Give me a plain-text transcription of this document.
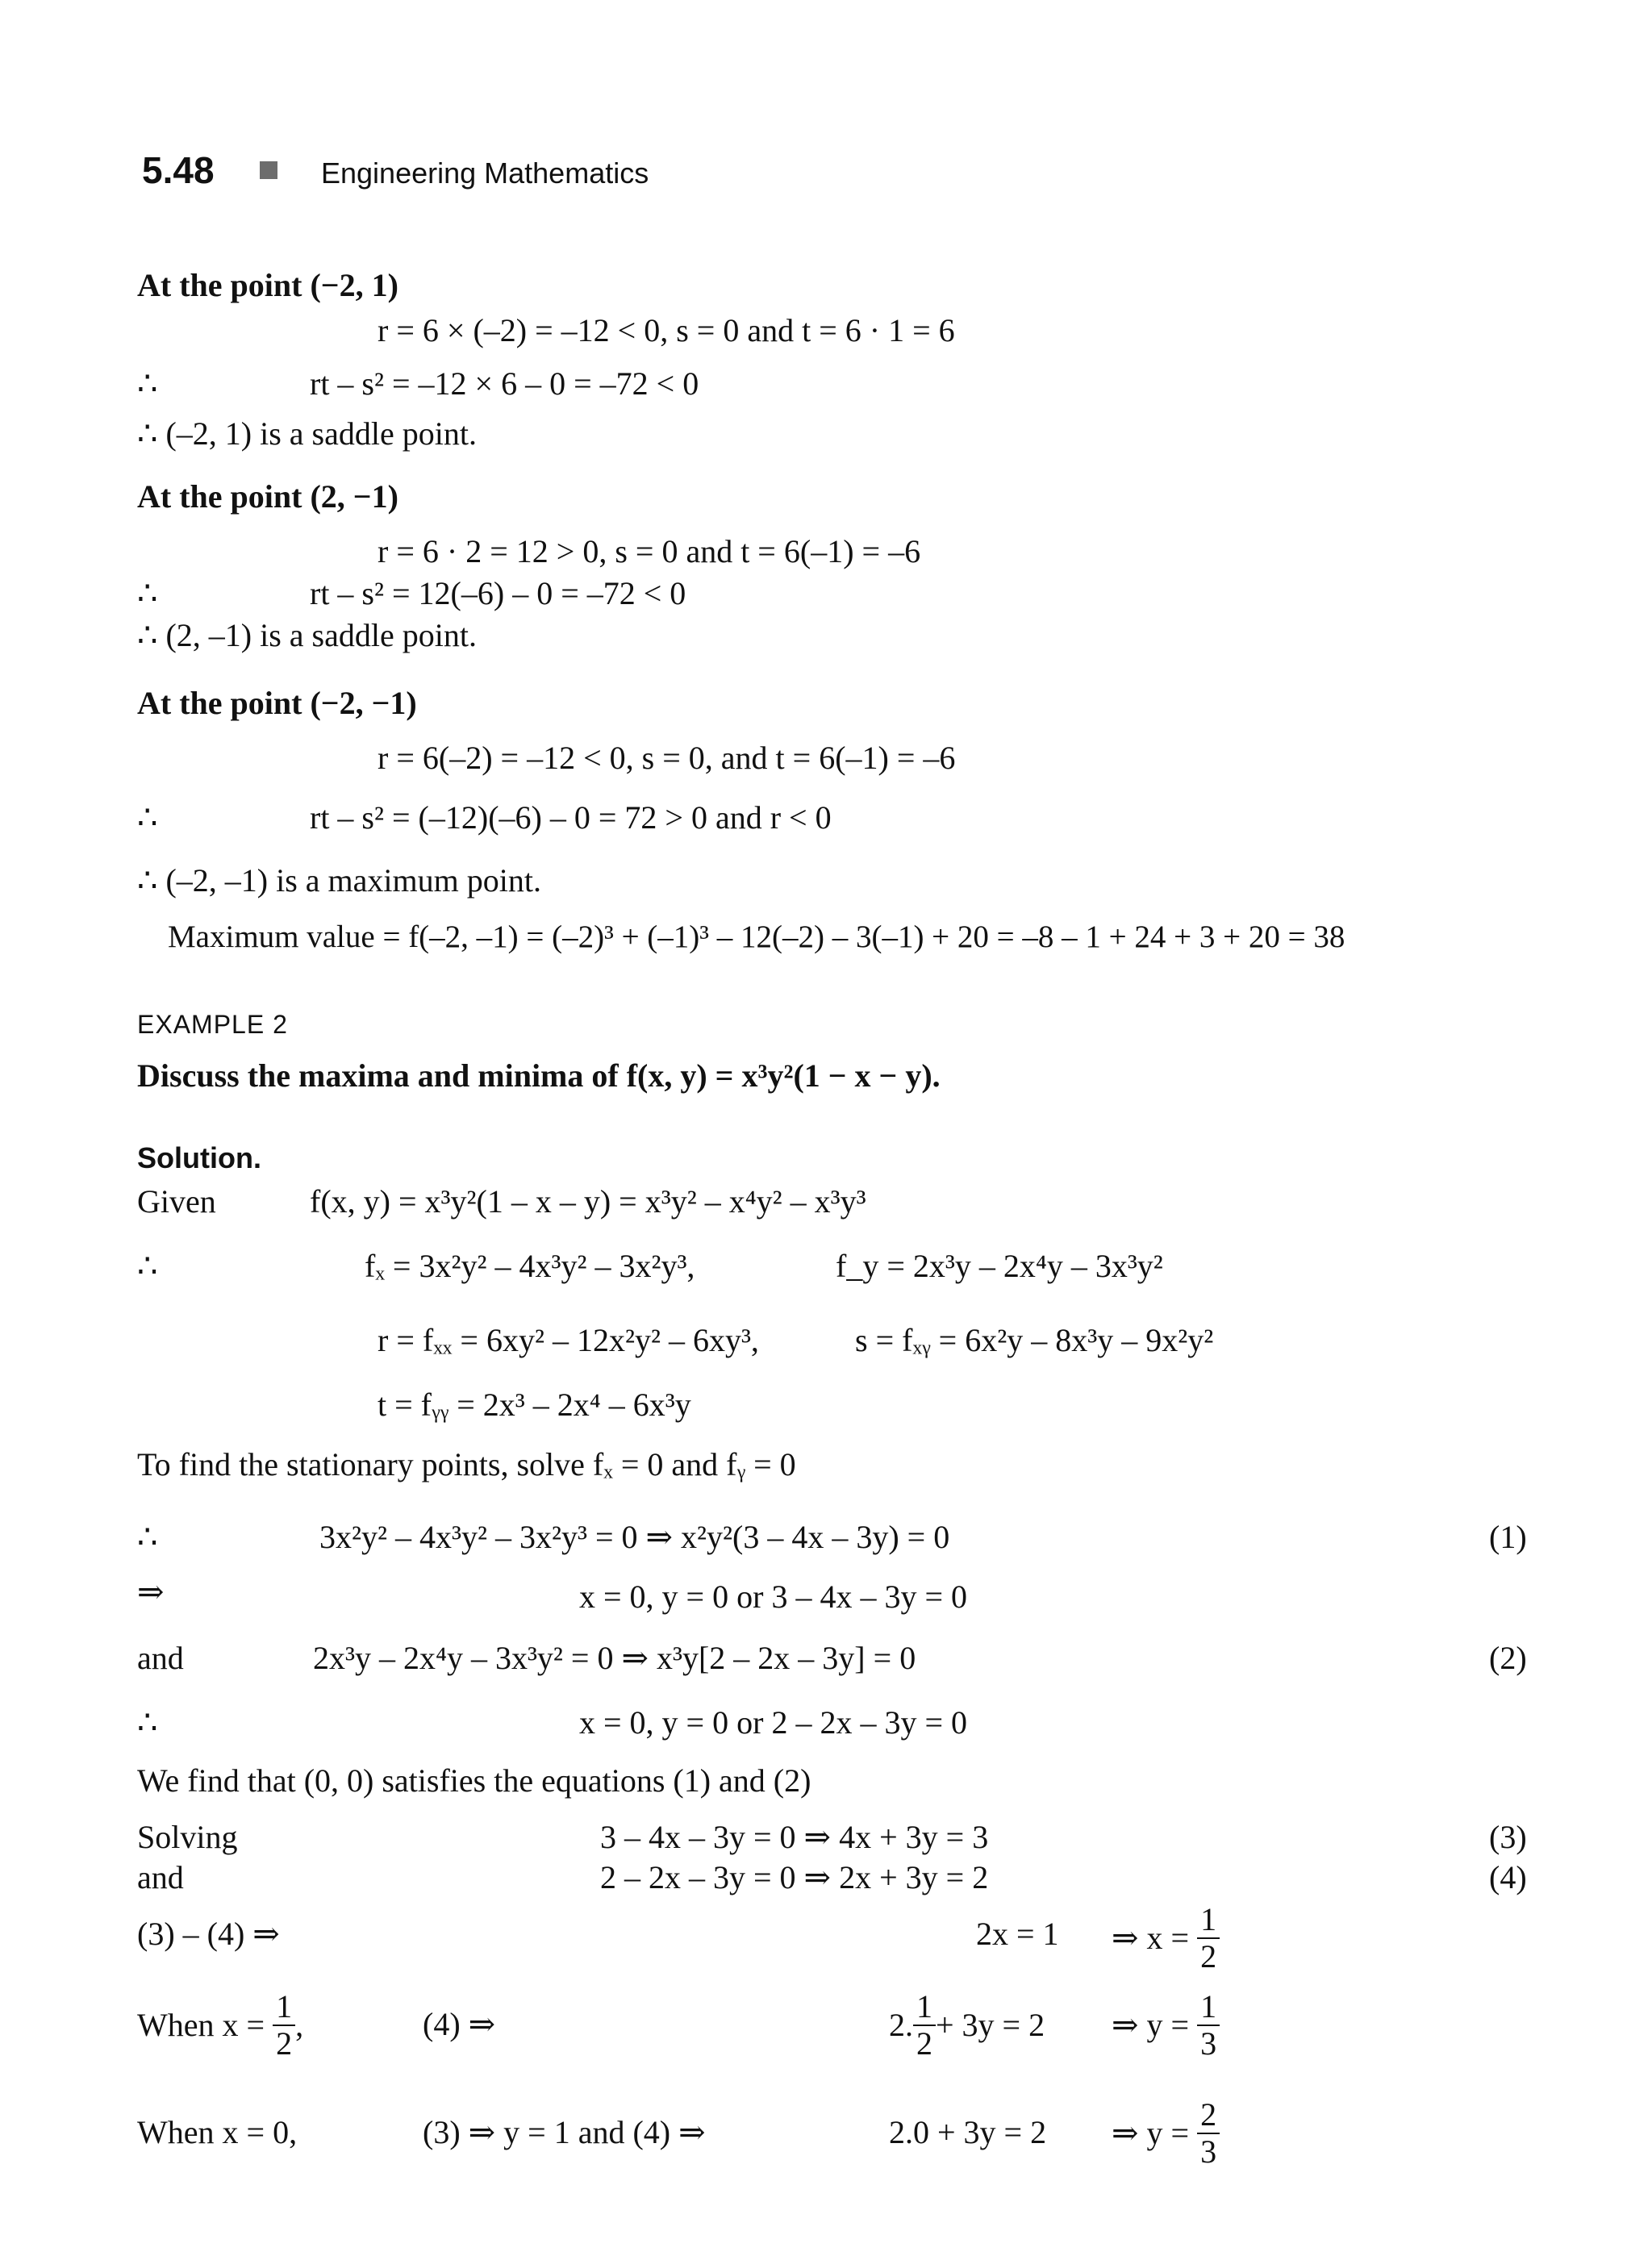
5.48	Engineering Mathematics
At the point (−2, 1)
r = 6 × (–2) = –12 < 0, s = 0 and t = 6 · 1 = 6
∴	rt – s² = –12 × 6 – 0 = –72 < 0
∴ (–2, 1) is a saddle point.
At the point (2, −1)
r = 6 · 2 = 12 > 0, s = 0 and t = 6(–1) = –6
∴	rt – s² = 12(–6) – 0 = –72 < 0
∴ (2, –1) is a saddle point.
At the point (−2, −1)
r = 6(–2) = –12 < 0, s = 0, and t = 6(–1) = –6
∴	rt – s² = (–12)(–6) – 0 = 72 > 0 and r < 0
∴ (–2, –1) is a maximum point.
Maximum value = f(–2, –1) = (–2)³ + (–1)³ – 12(–2) – 3(–1) + 20 = –8 – 1 + 24 + 3 + 20 = 38
EXAMPLE 2
Discuss the maxima and minima of f(x, y) = x³y²(1 − x − y).
Solution.
Given	f(x, y) = x³y²(1 – x – y) = x³y² – x⁴y² – x³y³
∴	fₓ = 3x²y² – 4x³y² – 3x²y³,	f_y = 2x³y – 2x⁴y – 3x³y²
r = fₓₓ = 6xy² – 12x²y² – 6xy³,	s = fₓᵧ = 6x²y – 8x³y – 9x²y²
t = fᵧᵧ = 2x³ – 2x⁴ – 6x³y
To find the stationary points, solve fₓ = 0 and fᵧ = 0
∴	3x²y² – 4x³y² – 3x²y³ = 0 ⇒ x²y²(3 – 4x – 3y) = 0	(1)
⇒	x = 0, y = 0 or 3 – 4x – 3y = 0
and	2x³y – 2x⁴y – 3x³y² = 0 ⇒ x³y[2 – 2x – 3y] = 0	(2)
∴	x = 0, y = 0 or 2 – 2x – 3y = 0
We find that (0, 0) satisfies the equations (1) and (2)
Solving	3 – 4x – 3y = 0 ⇒ 4x + 3y = 3	(3)
and	2 – 2x – 3y = 0 ⇒ 2x + 3y = 2	(4)
(3) – (4) ⇒	2x = 1 ⇒ $x = \frac{1}{2}$
When $x = \frac{1}{2}$ ,	(4) ⇒	2. $\frac{1}{2} + 3y = 2$ ⇒ $y = \frac{1}{3}$
When x = 0,	(3) ⇒ y = 1 and (4) ⇒	2.0 + 3y = 2 ⇒ $y = \frac{2}{3}$
